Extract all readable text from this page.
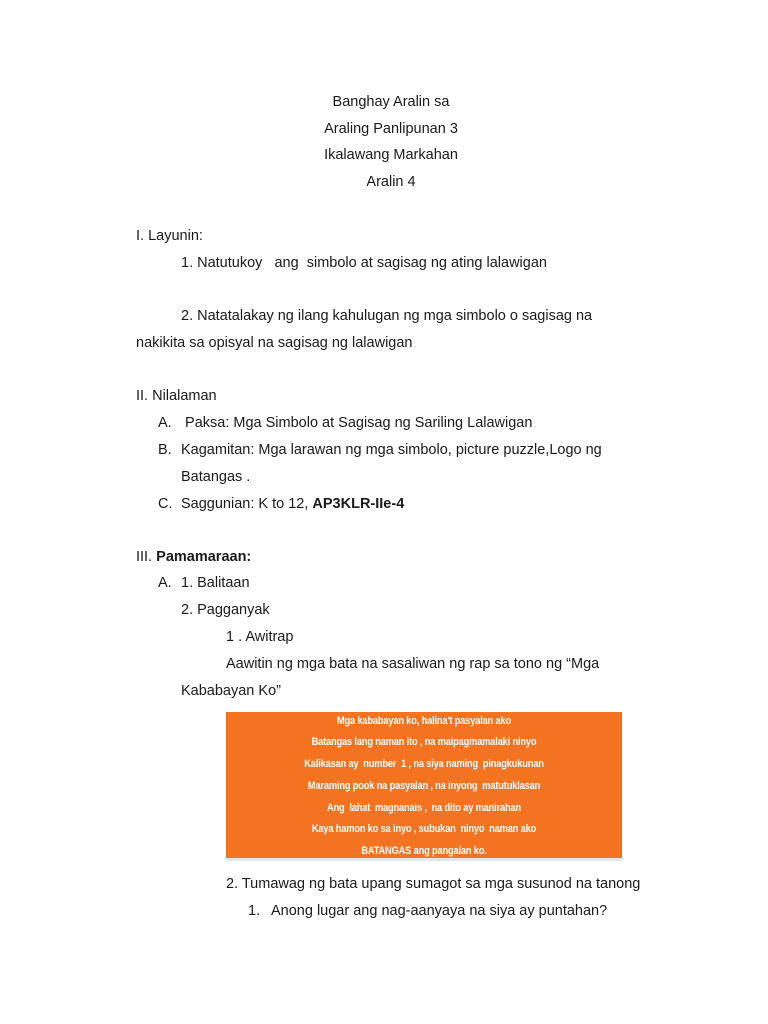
Banghay Aralin sa
Araling Panlipunan 3
Ikalawang Markahan
Aralin 4
I. Layunin:
1. Natutukoy   ang  simbolo at sagisag ng ating lalawigan
2. Natatalakay ng ilang kahulugan ng mga simbolo o sagisag na
nakikita sa opisyal na sagisag ng lalawigan
II. Nilalaman
A. Paksa: Mga Simbolo at Sagisag ng Sariling Lalawigan
B. Kagamitan: Mga larawan ng mga simbolo, picture puzzle,Logo ng
Batangas .
C. Saggunian: K to 12, AP3KLR-IIe-4
III. Pamamaraan:
A. 1. Balitaan
2. Pagganyak
1 . Awitrap
Aawitin ng mga bata na sasaliwan ng rap sa tono ng “Mga
Kababayan Ko”
Mga kababayan ko, halina't pasyalan ako
Batangas lang naman ito , na maipagmamalaki ninyo
Kalikasan ay  number  1 , na siya naming  pinagkukunan
Maraming pook na pasyalan , na inyong  matutuklasan
Ang  lahat  magnanais ,  na dito ay manirahan
Kaya hamon ko sa inyo , subukan  ninyo  naman ako
BATANGAS ang pangalan ko.
2. Tumawag ng bata upang sumagot sa mga susunod na tanong
1. Anong lugar ang nag-aanyaya na siya ay puntahan?
